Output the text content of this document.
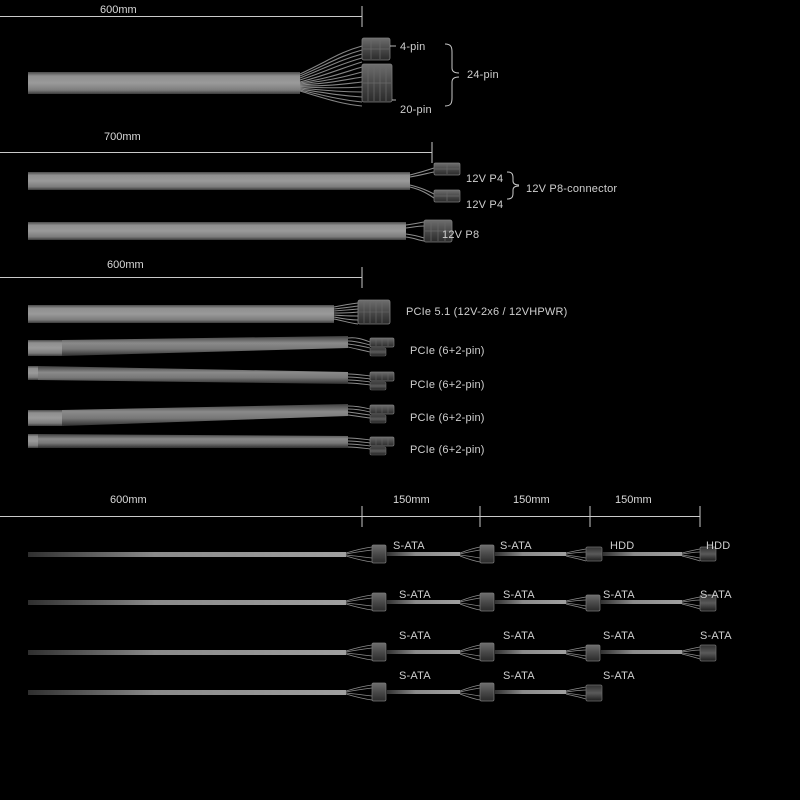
600mm
700mm
600mm
600mm	150mm	150mm	150mm
4-pin
24-pin
20-pin
12V P4
12V P8-connector
12V P4
12V P8
PCIe 5.1 (12V-2x6 / 12VHPWR)
PCIe (6+2-pin)
PCIe (6+2-pin)
PCIe (6+2-pin)
PCIe (6+2-pin)
S-ATA	S-ATA	HDD	HDD
S-ATA	S-ATA	S-ATA	S-ATA
S-ATA	S-ATA	S-ATA	S-ATA
S-ATA	S-ATA	S-ATA
